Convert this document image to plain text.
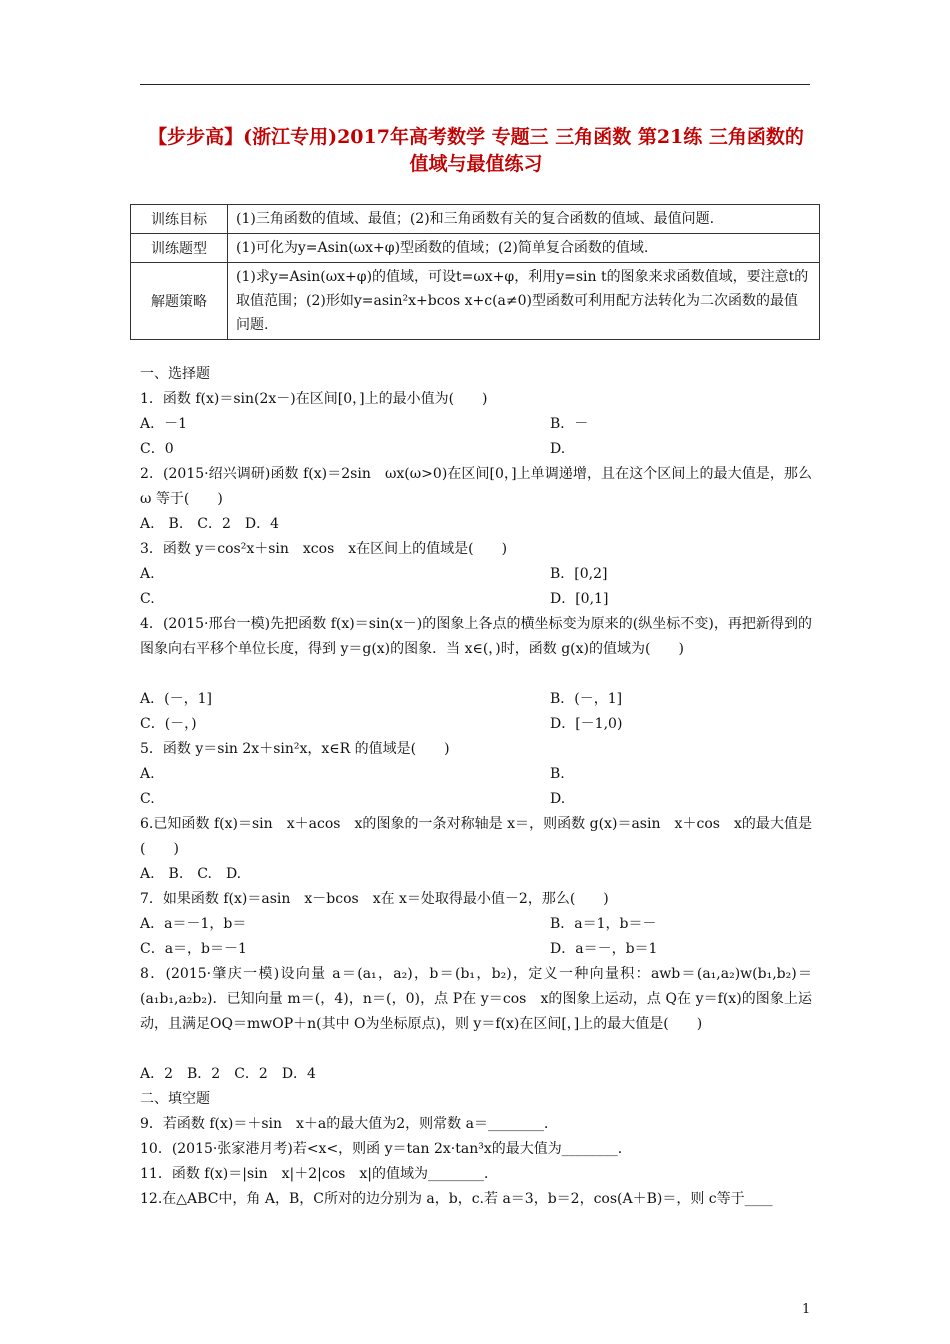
【步步高】(浙江专用)2017年高考数学 专题三 三角函数 第21练 三角函数的值域与最值练习
训练目标	(1)三角函数的值域、最值；(2)和三角函数有关的复合函数的值域、最值问题.
训练题型	(1)可化为y=Asin(ωx+φ)型函数的值域；(2)简单复合函数的值域.
解题策略	(1)求y=Asin(ωx+φ)的值域，可设t=ωx+φ，利用y=sin t的图象来求函数值域，要注意t的取值范围；(2)形如y=asin²x+bcos x+c(a≠0)型函数可利用配方法转化为二次函数的最值问题.
一、选择题
1．函数 f(x)＝sin(2x－)在区间[0，]上的最小值为(　　)
A．－1	B．－
C．0	D.
2．(2015·绍兴调研)函数 f(x)＝2sin　ωx(ω>0)在区间[0，]上单调递增，且在这个区间上的最大值是，那么 ω 等于(　　)
A.　B.　C．2　D．4
3．函数 y＝cos²x＋sin　xcos　x在区间上的值域是(　　)
A.	B．[0,2]
C.	D．[0,1]
4．(2015·邢台一模)先把函数 f(x)＝sin(x－)的图象上各点的横坐标变为原来的(纵坐标不变)，再把新得到的图象向右平移个单位长度，得到 y＝g(x)的图象．当 x∈(，)时，函数 g(x)的值域为(　　)
A．(－，1]	B．(－，1]
C．(－，)	D．[－1,0)
5．函数 y＝sin 2x＋sin²x，x∈R 的值域是(　　)
A.	B.
C.	D.
6.已知函数 f(x)＝sin　x＋acos　x的图象的一条对称轴是 x＝，则函数 g(x)＝asin　x＋cos　x的最大值是(　　)
A.　B.　C.　D.
7．如果函数 f(x)＝asin　x－bcos　x在 x＝处取得最小值－2，那么(　　)
A．a＝－1，b＝	B．a＝1，b＝－
C．a＝，b＝－1	D．a＝－，b＝1
8．(2015·肇庆一模)设向量 a＝(a₁，a₂)，b＝(b₁，b₂)，定义一种向量积：awb＝(a₁,a₂)w(b₁,b₂)＝(a₁b₁,a₂b₂)．已知向量 m＝(，4)，n＝(，0)，点 P在 y＝cos　x的图象上运动，点 Q在 y＝f(x)的图象上运动，且满足OQ＝mwOP＋n(其中 O为坐标原点)，则 y＝f(x)在区间[，]上的最大值是(　　)
A．2　B．2　C．2　D．4
二、填空题
9．若函数 f(x)＝＋sin　x＋a的最大值为2，则常数 a＝________．
10．(2015·张家港月考)若<x<，则函 y＝tan 2x·tan³x的最大值为________．
11．函数 f(x)＝|sin　x|＋2|cos　x|的值域为________．
12.在△ABC中，角 A，B，C所对的边分别为 a，b，c.若 a＝3，b＝2，cos(A＋B)＝，则 c等于____
1
